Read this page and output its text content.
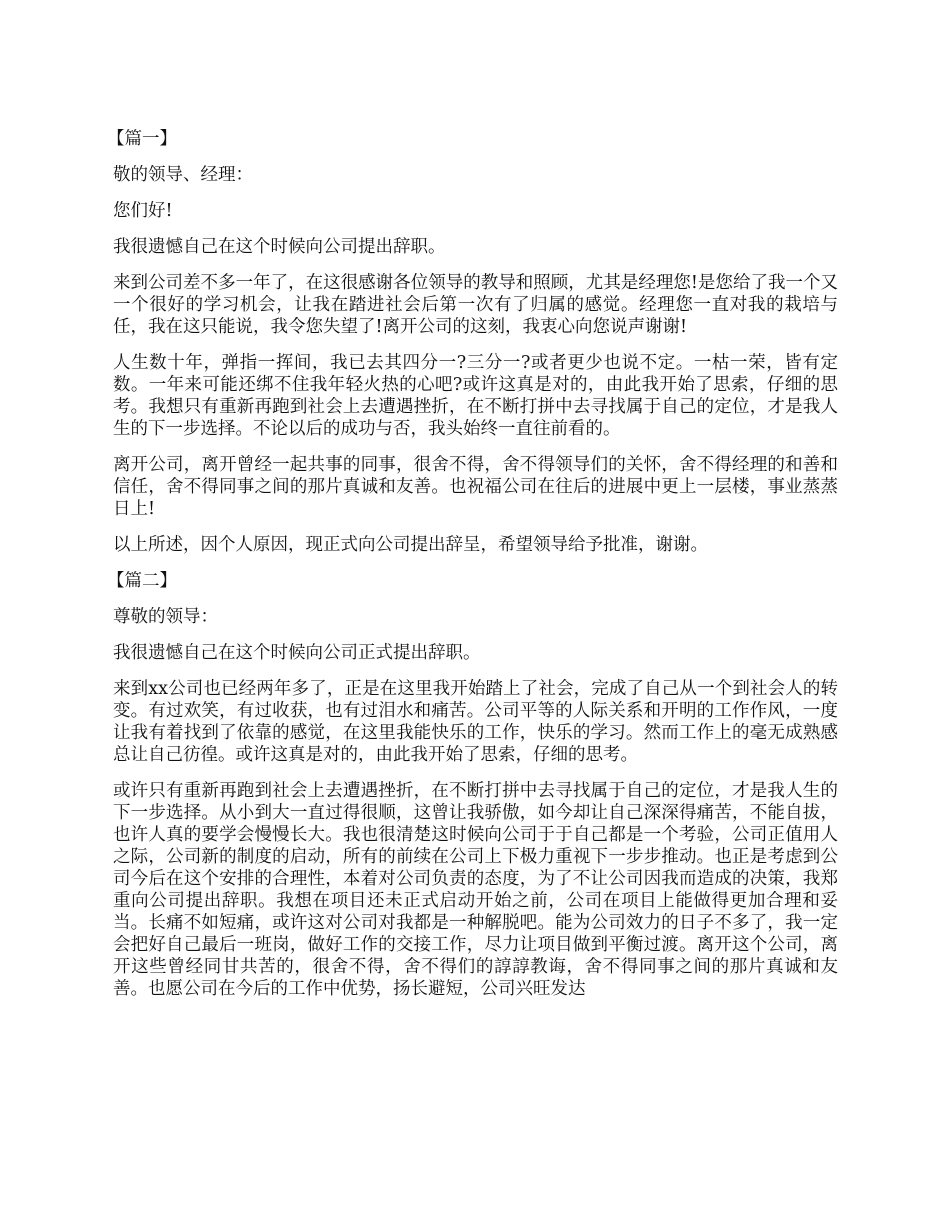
【篇一】

敬的领导、经理：

您们好!

我很遗憾自己在这个时候向公司提出辞职。

来到公司差不多一年了，在这很感谢各位领导的教导和照顾，尤其是经理您!是您给了我一个又一个很好的学习机会，让我在踏进社会后第一次有了归属的感觉。经理您一直对我的栽培与任，我在这只能说，我令您失望了!离开公司的这刻，我衷心向您说声谢谢!

人生数十年，弹指一挥间，我已去其四分一?三分一?或者更少也说不定。一枯一荣，皆有定数。一年来可能还绑不住我年轻火热的心吧?或许这真是对的，由此我开始了思索，仔细的思考。我想只有重新再跑到社会上去遭遇挫折，在不断打拼中去寻找属于自己的定位，才是我人生的下一步选择。不论以后的成功与否，我头始终一直往前看的。

离开公司，离开曾经一起共事的同事，很舍不得，舍不得领导们的关怀，舍不得经理的和善和信任，舍不得同事之间的那片真诚和友善。也祝福公司在往后的进展中更上一层楼，事业蒸蒸日上!

以上所述，因个人原因，现正式向公司提出辞呈，希望领导给予批准，谢谢。

【篇二】

尊敬的领导：

我很遗憾自己在这个时候向公司正式提出辞职。

来到xx公司也已经两年多了，正是在这里我开始踏上了社会，完成了自己从一个到社会人的转变。有过欢笑，有过收获，也有过泪水和痛苦。公司平等的人际关系和开明的工作作风，一度让我有着找到了依靠的感觉，在这里我能快乐的工作，快乐的学习。然而工作上的毫无成熟感总让自己彷徨。或许这真是对的，由此我开始了思索，仔细的思考。

或许只有重新再跑到社会上去遭遇挫折，在不断打拼中去寻找属于自己的定位，才是我人生的下一步选择。从小到大一直过得很顺，这曾让我骄傲，如今却让自己深深得痛苦，不能自拔，也许人真的要学会慢慢长大。我也很清楚这时候向公司于于自己都是一个考验，公司正值用人之际，公司新的制度的启动，所有的前续在公司上下极力重视下一步步推动。也正是考虑到公司今后在这个安排的合理性，本着对公司负责的态度，为了不让公司因我而造成的决策，我郑重向公司提出辞职。我想在项目还未正式启动开始之前，公司在项目上能做得更加合理和妥当。长痛不如短痛，或许这对公司对我都是一种解脱吧。能为公司效力的日子不多了，我一定会把好自己最后一班岗，做好工作的交接工作，尽力让项目做到平衡过渡。离开这个公司，离开这些曾经同甘共苦的，很舍不得，舍不得们的諄諄教诲，舍不得同事之间的那片真诚和友善。也愿公司在今后的工作中优势，扬长避短，公司兴旺发达
